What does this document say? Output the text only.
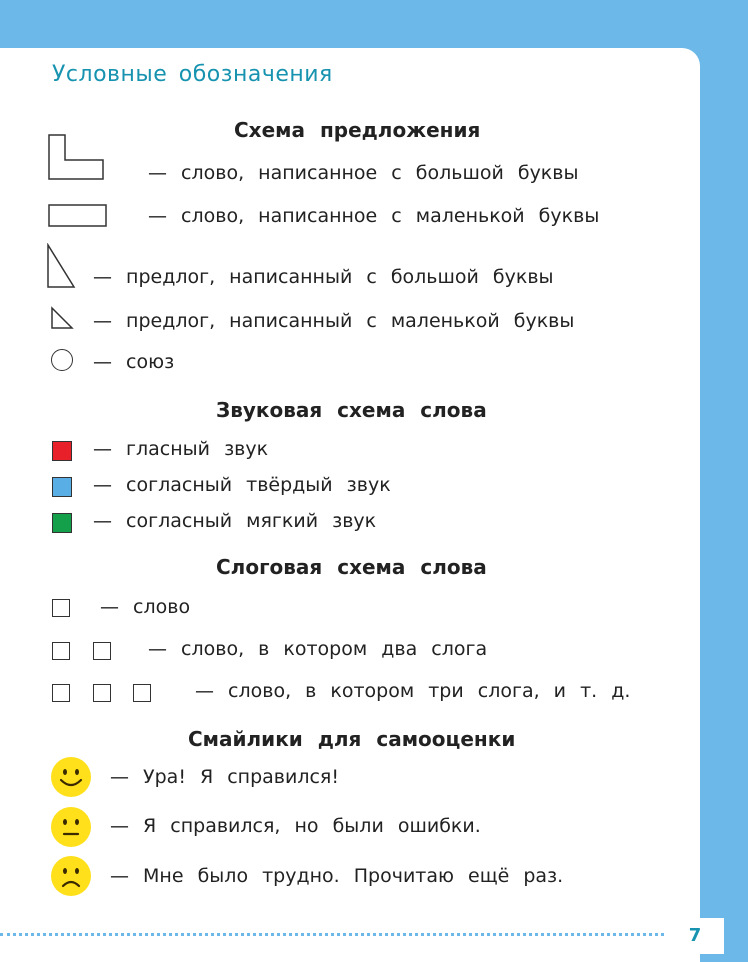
Условные обозначения
Схема предложения
— слово, написанное с большой буквы
— слово, написанное с маленькой буквы
— предлог, написанный с большой буквы
— предлог, написанный с маленькой буквы
— союз
Звуковая схема слова
— гласный звук
— согласный твёрдый звук
— согласный мягкий звук
Слоговая схема слова
— слово
— слово, в котором два слога
— слово, в котором три слога, и т. д.
Смайлики для самооценки
— Ура! Я справился!
— Я справился, но были ошибки.
— Мне было трудно. Прочитаю ещё раз.
7
